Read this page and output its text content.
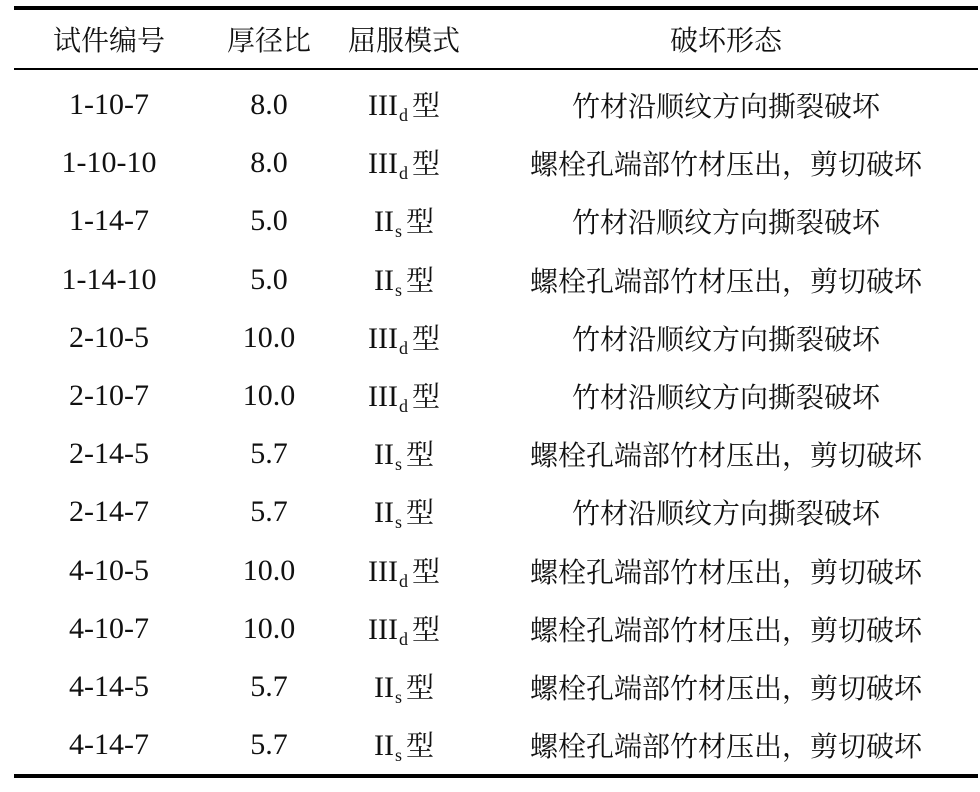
试件编号	厚径比	屈服模式	破坏形态
1-10-7	8.0	$III_d$ 型	竹材沿顺纹方向撕裂破坏
1-10-10	8.0	$III_d$ 型	螺栓孔端部竹材压出，剪切破坏
1-14-7	5.0	$II_s$ 型	竹材沿顺纹方向撕裂破坏
1-14-10	5.0	$II_s$ 型	螺栓孔端部竹材压出，剪切破坏
2-10-5	10.0	$III_d$ 型	竹材沿顺纹方向撕裂破坏
2-10-7	10.0	$III_d$ 型	竹材沿顺纹方向撕裂破坏
2-14-5	5.7	$II_s$ 型	螺栓孔端部竹材压出，剪切破坏
2-14-7	5.7	$II_s$ 型	竹材沿顺纹方向撕裂破坏
4-10-5	10.0	$III_d$ 型	螺栓孔端部竹材压出，剪切破坏
4-10-7	10.0	$III_d$ 型	螺栓孔端部竹材压出，剪切破坏
4-14-5	5.7	$II_s$ 型	螺栓孔端部竹材压出，剪切破坏
4-14-7	5.7	$II_s$ 型	螺栓孔端部竹材压出，剪切破坏
